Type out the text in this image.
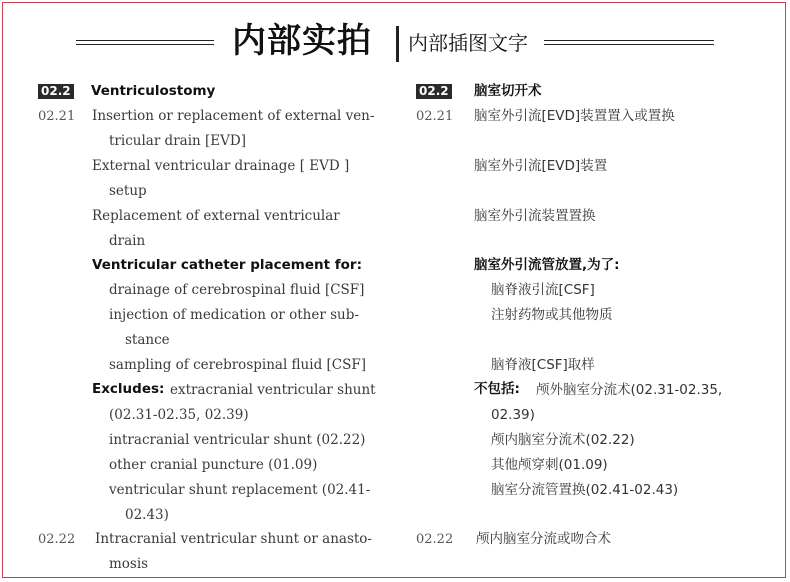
内部实拍 内部插图文字
02.2 Ventriculostomy
02.21 Insertion or replacement of external ven-
tricular drain [EVD]
External ventricular drainage [ EVD ]
setup
Replacement of external ventricular
drain
Ventricular catheter placement for:
drainage of cerebrospinal fluid [CSF]
injection of medication or other sub-
stance
sampling of cerebrospinal fluid [CSF]
Excludes: extracranial ventricular shunt
(02.31-02.35, 02.39)
intracranial ventricular shunt (02.22)
other cranial puncture (01.09)
ventricular shunt replacement (02.41-
02.43)
02.22 Intracranial ventricular shunt or anasto-
mosis
02.2 脑室切开术
02.21 脑室外引流[EVD]装置置入或置换
脑室外引流[EVD]装置
脑室外引流装置置换
脑室外引流管放置,为了:
脑脊液引流[CSF]
注射药物或其他物质
脑脊液[CSF]取样
不包括: 颅外脑室分流术(02.31-02.35,
02.39)
颅内脑室分流术(02.22)
其他颅穿刺(01.09)
脑室分流管置换(02.41-02.43)
02.22 颅内脑室分流或吻合术
